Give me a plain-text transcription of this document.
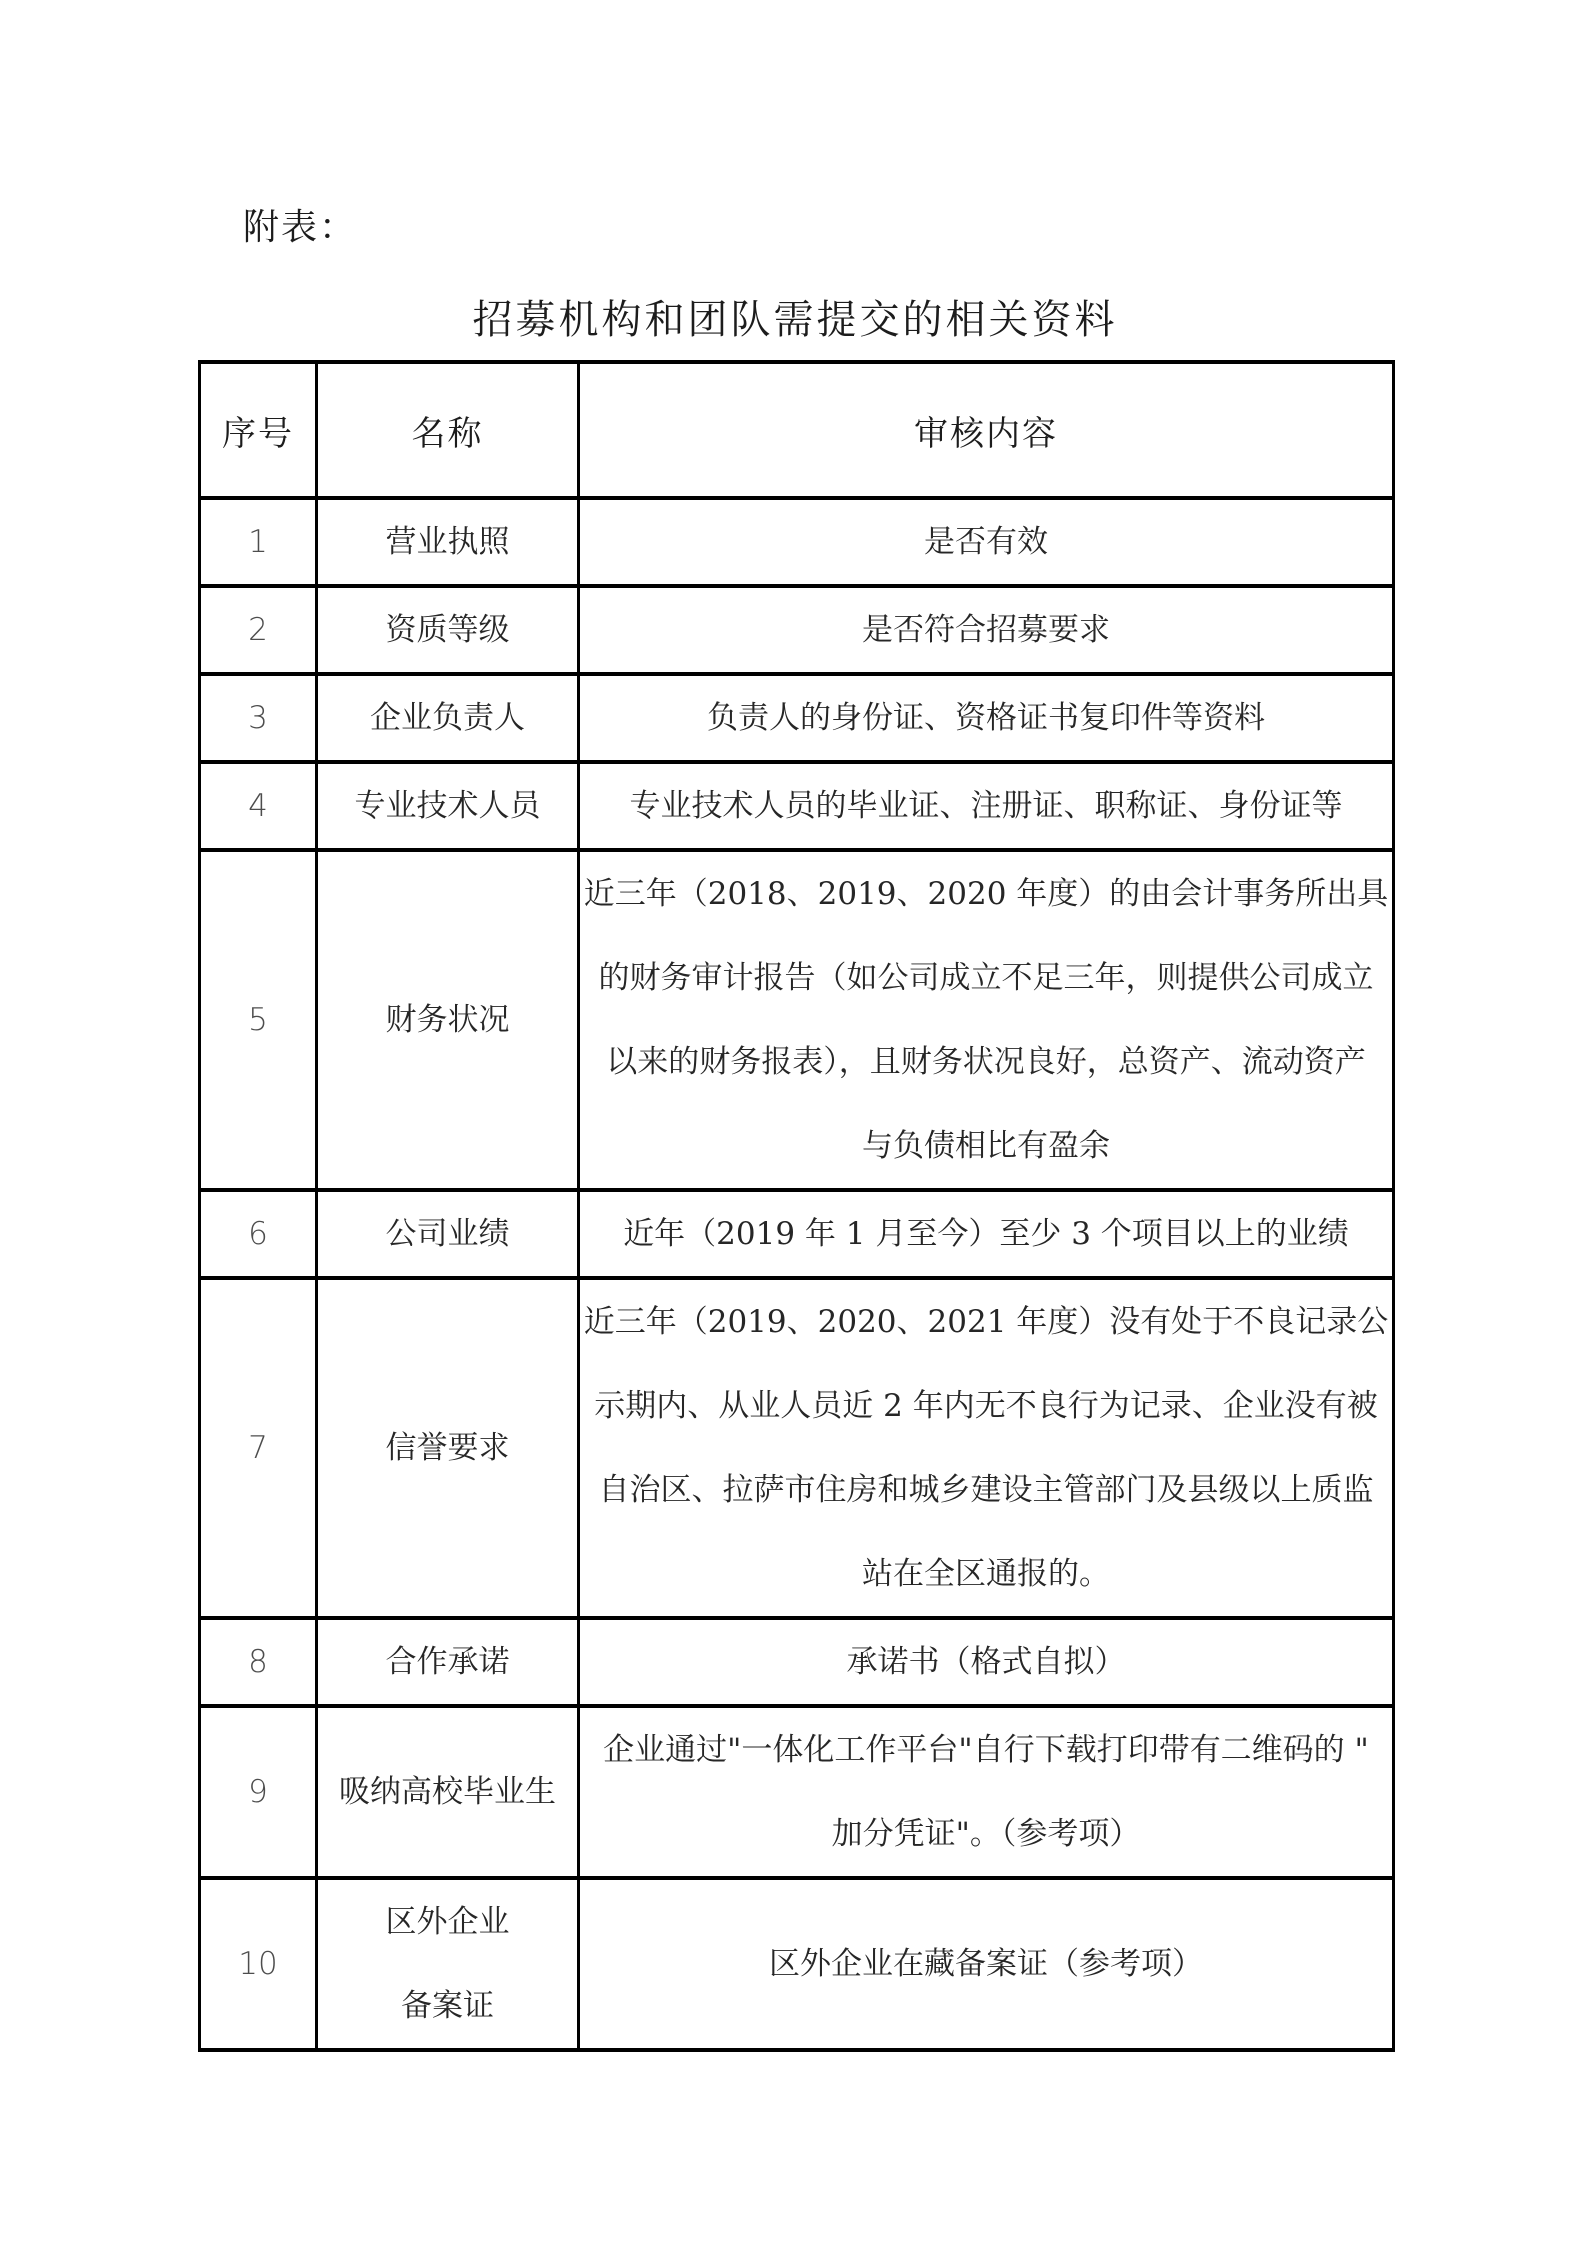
附表：
招募机构和团队需提交的相关资料
序号	名称	审核内容

1	营业执照	是否有效

2	资质等级	是否符合招募要求

3	企业负责人	负责人的身份证、资格证书复印件等资料

4	专业技术人员	专业技术人员的毕业证、注册证、职称证、身份证等

5	财务状况	近三年（2018、2019、2020 年度）的由会计事务所出具
的财务审计报告（如公司成立不足三年，则提供公司成立
以来的财务报表），且财务状况良好，总资产、流动资产
与负债相比有盈余

6	公司业绩	近年（2019 年 1 月至今）至少 3 个项目以上的业绩

7	信誉要求	近三年（2019、2020、2021 年度）没有处于不良记录公
示期内、从业人员近 2 年内无不良行为记录、企业没有被
自治区、拉萨市住房和城乡建设主管部门及县级以上质监
站在全区通报的。

8	合作承诺	承诺书（格式自拟）

9	吸纳高校毕业生	企业通过"一体化工作平台"自行下载打印带有二维码的 "
加分凭证"。（参考项）

10	区外企业
备案证	区外企业在藏备案证（参考项）
